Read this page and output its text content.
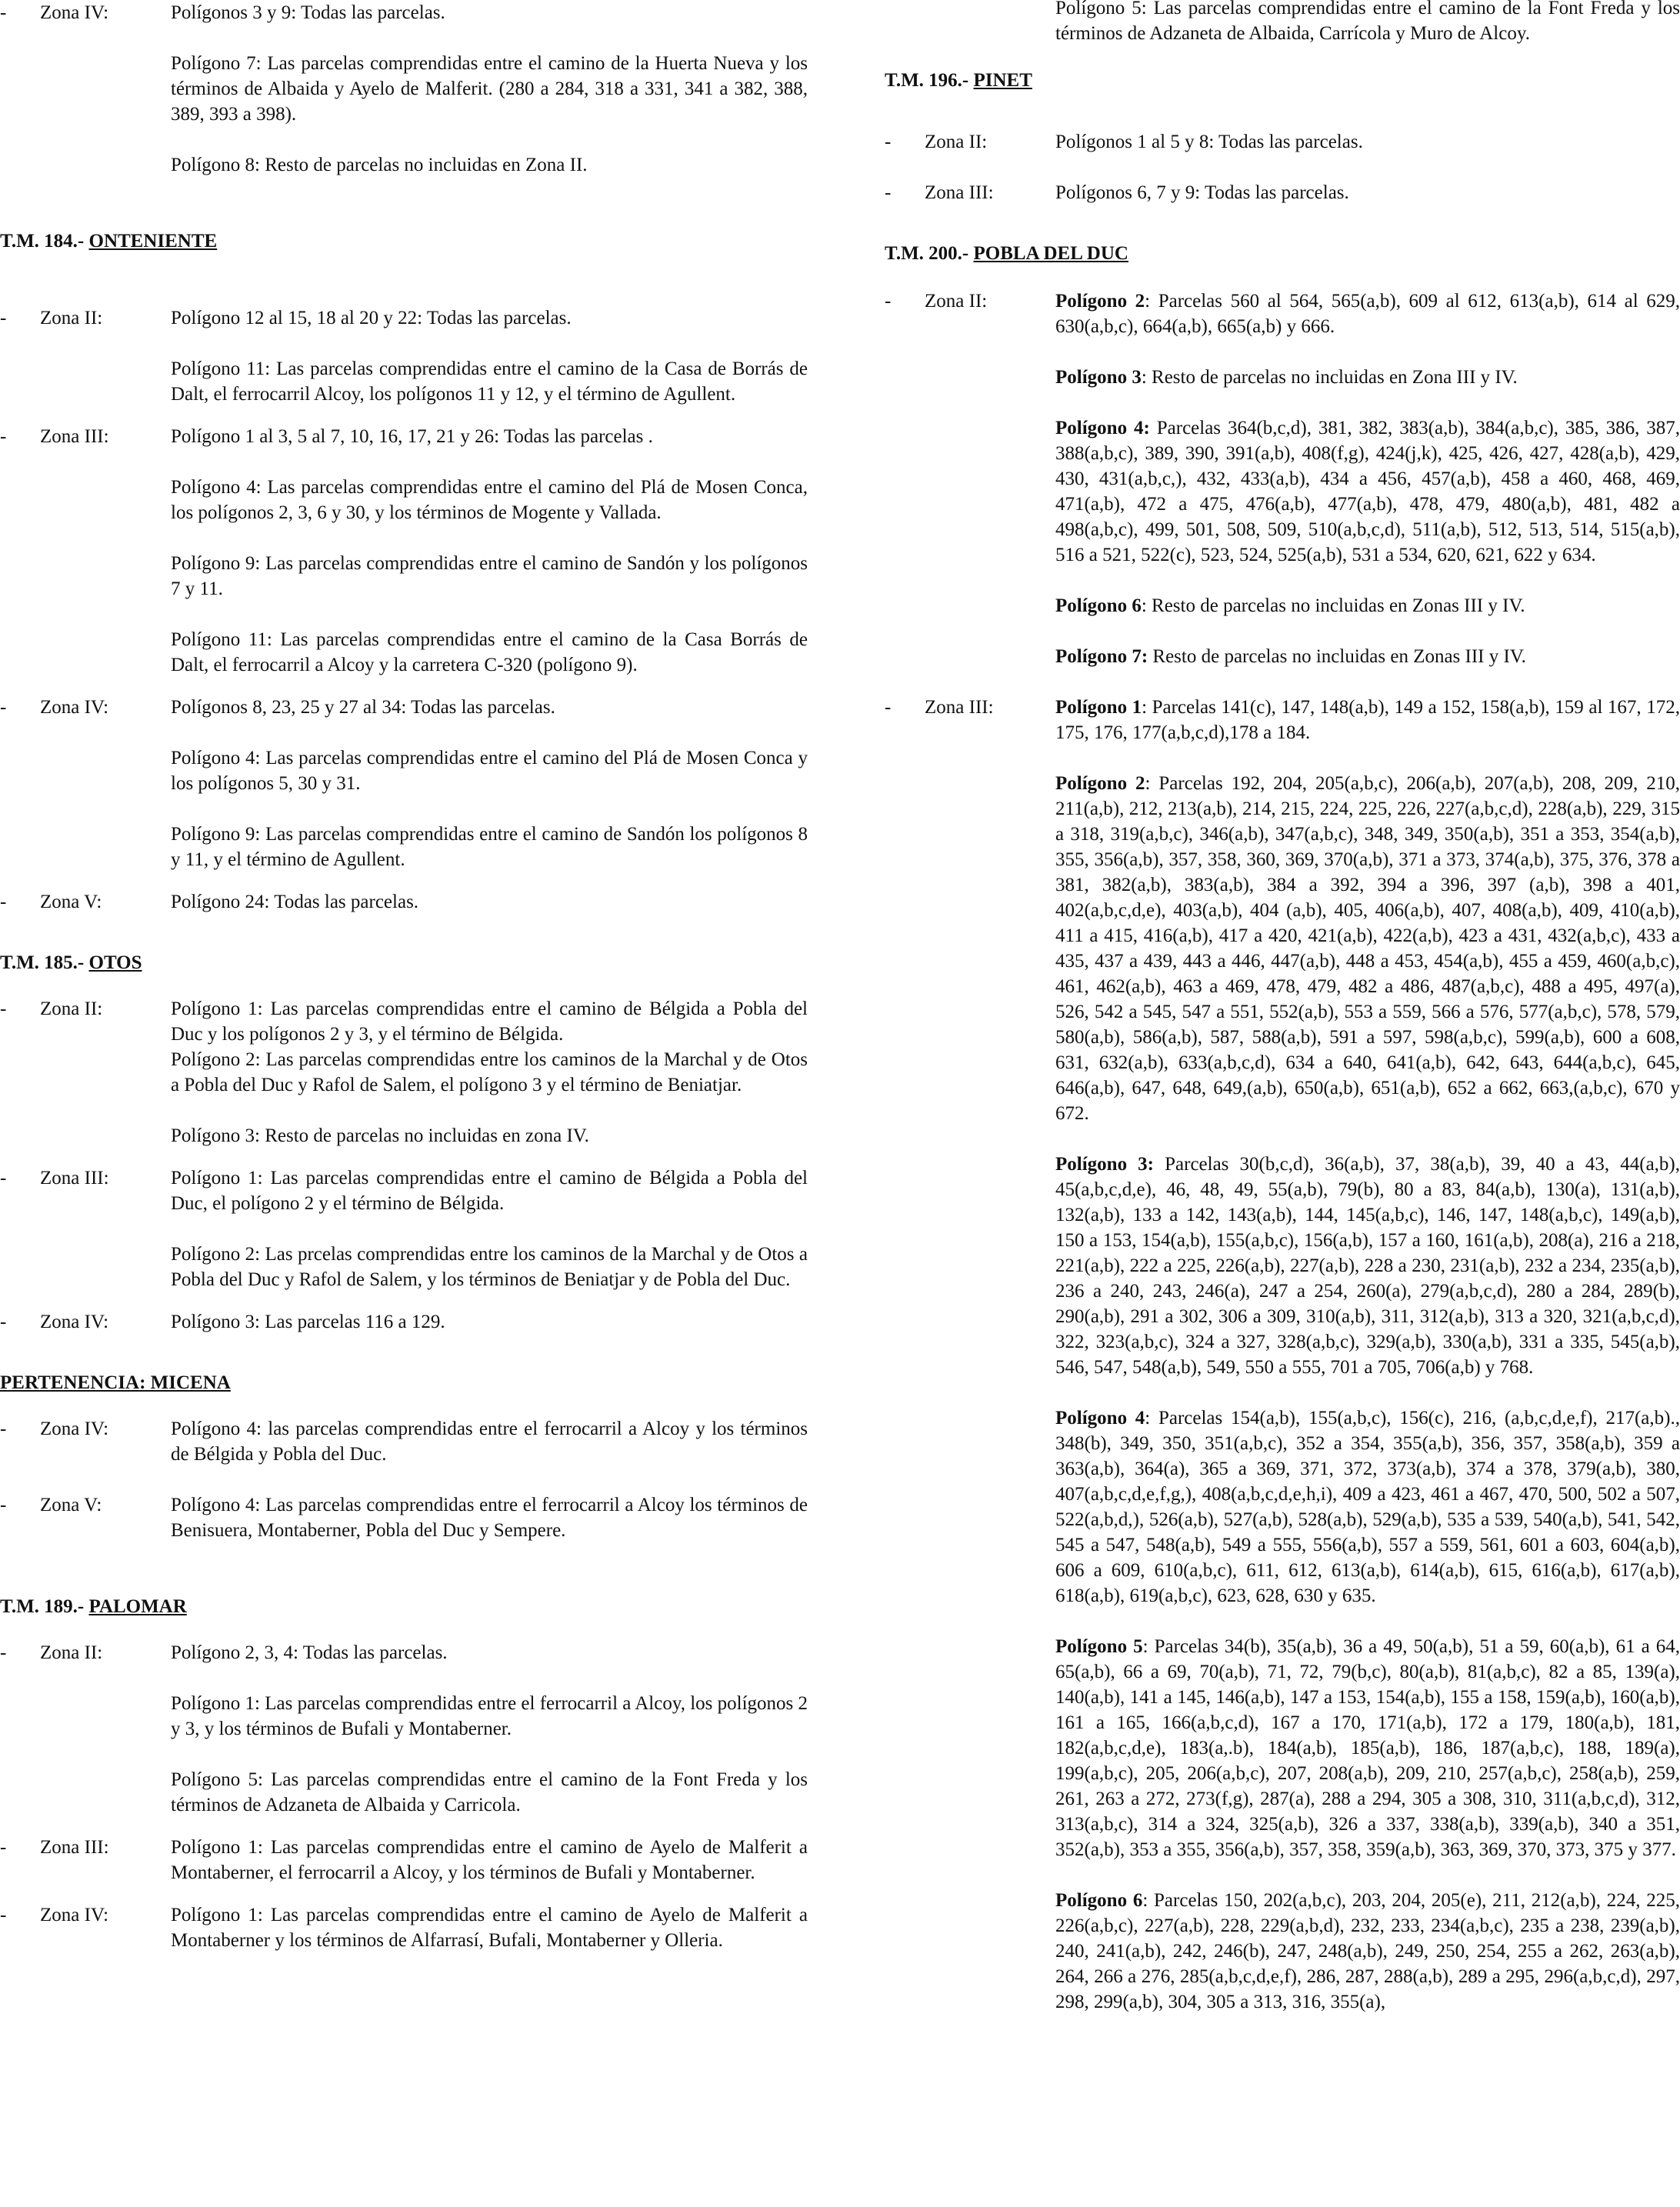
- Zona IV:	Polígonos 3 y 9: Todas las parcelas.
Polígono 7: Las parcelas comprendidas entre el camino de la Huerta Nueva y los términos de Albaida y Ayelo de Malferit. (280 a 284, 318 a 331, 341 a 382, 388, 389, 393 a 398).
Polígono 8: Resto de parcelas no incluidas en Zona II.
T.M. 184.- ONTENIENTE
- Zona II:	Polígono 12 al 15, 18 al 20 y 22: Todas las parcelas.
Polígono 11: Las parcelas comprendidas entre el camino de la Casa de Borrás de Dalt, el ferrocarril Alcoy, los polígonos 11 y 12, y el término de Agullent.
- Zona III:	Polígono 1 al 3, 5 al 7, 10, 16, 17, 21 y 26: Todas las parcelas .
Polígono 4: Las parcelas comprendidas entre el camino del Plá de Mosen Conca, los polígonos 2, 3, 6 y 30, y los términos de Mogente y Vallada.
Polígono 9: Las parcelas comprendidas entre el camino de Sandón y los polígonos 7 y 11.
Polígono 11: Las parcelas comprendidas entre el camino de la Casa Borrás de Dalt, el ferrocarril a Alcoy y la carretera C-320 (polígono 9).
- Zona IV:	Polígonos 8, 23, 25 y 27 al 34: Todas las parcelas.
Polígono 4: Las parcelas comprendidas entre el camino del Plá de Mosen Conca y los polígonos 5, 30 y 31.
Polígono 9: Las parcelas comprendidas entre el camino de Sandón los polígonos 8 y 11, y el término de Agullent.
- Zona V:	Polígono 24: Todas las parcelas.
T.M. 185.- OTOS
- Zona II:	Polígono 1: Las parcelas comprendidas entre el camino de Bélgida a Pobla del Duc y los polígonos 2 y 3, y el término de Bélgida.
Polígono 2: Las parcelas comprendidas entre los caminos de la Marchal y de Otos a Pobla del Duc y Rafol de Salem, el polígono 3 y el término de Beniatjar.
Polígono 3: Resto de parcelas no incluidas en zona IV.
- Zona III:	Polígono 1: Las parcelas comprendidas entre el camino de Bélgida a Pobla del Duc, el polígono 2 y el término de Bélgida.
Polígono 2: Las prcelas comprendidas entre los caminos de la Marchal y de Otos a Pobla del Duc y Rafol de Salem, y los términos de Beniatjar y de Pobla del Duc.
- Zona IV:	Polígono 3: Las parcelas 116 a 129.
PERTENENCIA: MICENA
- Zona IV:	Polígono 4: las parcelas comprendidas entre el ferrocarril a Alcoy y los términos de Bélgida y Pobla del Duc.
- Zona V:	Polígono 4: Las parcelas comprendidas entre el ferrocarril a Alcoy los términos de Benisuera, Montaberner, Pobla del Duc y Sempere.
T.M. 189.- PALOMAR
- Zona II:	Polígono 2, 3, 4: Todas las parcelas.
Polígono 1: Las parcelas comprendidas entre el ferrocarril a Alcoy, los polígonos 2 y 3, y los términos de Bufali y Montaberner.
Polígono 5: Las parcelas comprendidas entre el camino de la Font Freda y los términos de Adzaneta de Albaida y Carricola.
- Zona III:	Polígono 1: Las parcelas comprendidas entre el camino de Ayelo de Malferit a Montaberner, el ferrocarril a Alcoy, y los términos de Bufali y Montaberner.
- Zona IV:	Polígono 1: Las parcelas comprendidas entre el camino de Ayelo de Malferit a Montaberner y los términos de Alfarrasí, Bufali, Montaberner y Olleria.
Polígono 5: Las parcelas comprendidas entre el camino de la Font Freda y los términos de Adzaneta de Albaida, Carrícola y Muro de Alcoy.
T.M. 196.- PINET
- Zona II:	Polígonos 1 al 5 y 8: Todas las parcelas.
- Zona III:	Polígonos 6, 7 y 9: Todas las parcelas.
T.M. 200.- POBLA DEL DUC
- Zona II:	Polígono 2: Parcelas 560 al 564, 565(a,b), 609 al 612, 613(a,b), 614 al 629, 630(a,b,c), 664(a,b), 665(a,b) y 666.
Polígono 3: Resto de parcelas no incluidas en Zona III y IV.
Polígono 4: Parcelas 364(b,c,d), 381, 382, 383(a,b), 384(a,b,c), 385, 386, 387, 388(a,b,c), 389, 390, 391(a,b), 408(f,g), 424(j,k), 425, 426, 427, 428(a,b), 429, 430, 431(a,b,c,), 432, 433(a,b), 434 a 456, 457(a,b), 458 a 460, 468, 469, 471(a,b), 472 a 475, 476(a,b), 477(a,b), 478, 479, 480(a,b), 481, 482 a 498(a,b,c), 499, 501, 508, 509, 510(a,b,c,d), 511(a,b), 512, 513, 514, 515(a,b), 516 a 521, 522(c), 523, 524, 525(a,b), 531 a 534, 620, 621, 622 y 634.
Polígono 6: Resto de parcelas no incluidas en Zonas III y IV.
Polígono 7: Resto de parcelas no incluidas en Zonas III y IV.
- Zona III:	Polígono 1: Parcelas 141(c), 147, 148(a,b), 149 a 152, 158(a,b), 159 al 167, 172, 175, 176, 177(a,b,c,d),178 a 184.
Polígono 2: Parcelas 192, 204, 205(a,b,c), 206(a,b), 207(a,b), 208, 209, 210, 211(a,b), 212, 213(a,b), 214, 215, 224, 225, 226, 227(a,b,c,d), 228(a,b), 229, 315 a 318, 319(a,b,c), 346(a,b), 347(a,b,c), 348, 349, 350(a,b), 351 a 353, 354(a,b), 355, 356(a,b), 357, 358, 360, 369, 370(a,b), 371 a 373, 374(a,b), 375, 376, 378 a 381, 382(a,b), 383(a,b), 384 a 392, 394 a 396, 397 (a,b), 398 a 401, 402(a,b,c,d,e), 403(a,b), 404 (a,b), 405, 406(a,b), 407, 408(a,b), 409, 410(a,b), 411 a 415, 416(a,b), 417 a 420, 421(a,b), 422(a,b), 423 a 431, 432(a,b,c), 433 a 435, 437 a 439, 443 a 446, 447(a,b), 448 a 453, 454(a,b), 455 a 459, 460(a,b,c), 461, 462(a,b), 463 a 469, 478, 479, 482 a 486, 487(a,b,c), 488 a 495, 497(a), 526, 542 a 545, 547 a 551, 552(a,b), 553 a 559, 566 a 576, 577(a,b,c), 578, 579, 580(a,b), 586(a,b), 587, 588(a,b), 591 a 597, 598(a,b,c), 599(a,b), 600 a 608, 631, 632(a,b), 633(a,b,c,d), 634 a 640, 641(a,b), 642, 643, 644(a,b,c), 645, 646(a,b), 647, 648, 649,(a,b), 650(a,b), 651(a,b), 652 a 662, 663,(a,b,c), 670 y 672.
Polígono 3: Parcelas 30(b,c,d), 36(a,b), 37, 38(a,b), 39, 40 a 43, 44(a,b), 45(a,b,c,d,e), 46, 48, 49, 55(a,b), 79(b), 80 a 83, 84(a,b), 130(a), 131(a,b), 132(a,b), 133 a 142, 143(a,b), 144, 145(a,b,c), 146, 147, 148(a,b,c), 149(a,b), 150 a 153, 154(a,b), 155(a,b,c), 156(a,b), 157 a 160, 161(a,b), 208(a), 216 a 218, 221(a,b), 222 a 225, 226(a,b), 227(a,b), 228 a 230, 231(a,b), 232 a 234, 235(a,b), 236 a 240, 243, 246(a), 247 a 254, 260(a), 279(a,b,c,d), 280 a 284, 289(b), 290(a,b), 291 a 302, 306 a 309, 310(a,b), 311, 312(a,b), 313 a 320, 321(a,b,c,d), 322, 323(a,b,c), 324 a 327, 328(a,b,c), 329(a,b), 330(a,b), 331 a 335, 545(a,b), 546, 547, 548(a,b), 549, 550 a 555, 701 a 705, 706(a,b) y 768.
Polígono 4: Parcelas 154(a,b), 155(a,b,c), 156(c), 216, (a,b,c,d,e,f), 217(a,b)., 348(b), 349, 350, 351(a,b,c), 352 a 354, 355(a,b), 356, 357, 358(a,b), 359 a 363(a,b), 364(a), 365 a 369, 371, 372, 373(a,b), 374 a 378, 379(a,b), 380, 407(a,b,c,d,e,f,g,), 408(a,b,c,d,e,h,i), 409 a 423, 461 a 467, 470, 500, 502 a 507, 522(a,b,d,), 526(a,b), 527(a,b), 528(a,b), 529(a,b), 535 a 539, 540(a,b), 541, 542, 545 a 547, 548(a,b), 549 a 555, 556(a,b), 557 a 559, 561, 601 a 603, 604(a,b), 606 a 609, 610(a,b,c), 611, 612, 613(a,b), 614(a,b), 615, 616(a,b), 617(a,b), 618(a,b), 619(a,b,c), 623, 628, 630 y 635.
Polígono 5: Parcelas 34(b), 35(a,b), 36 a 49, 50(a,b), 51 a 59, 60(a,b), 61 a 64, 65(a,b), 66 a 69, 70(a,b), 71, 72, 79(b,c), 80(a,b), 81(a,b,c), 82 a 85, 139(a), 140(a,b), 141 a 145, 146(a,b), 147 a 153, 154(a,b), 155 a 158, 159(a,b), 160(a,b), 161 a 165, 166(a,b,c,d), 167 a 170, 171(a,b), 172 a 179, 180(a,b), 181, 182(a,b,c,d,e), 183(a,.b), 184(a,b), 185(a,b), 186, 187(a,b,c), 188, 189(a), 199(a,b,c), 205, 206(a,b,c), 207, 208(a,b), 209, 210, 257(a,b,c), 258(a,b), 259, 261, 263 a 272, 273(f,g), 287(a), 288 a 294, 305 a 308, 310, 311(a,b,c,d), 312, 313(a,b,c), 314 a 324, 325(a,b), 326 a 337, 338(a,b), 339(a,b), 340 a 351, 352(a,b), 353 a 355, 356(a,b), 357, 358, 359(a,b), 363, 369, 370, 373, 375 y 377.
Polígono 6: Parcelas 150, 202(a,b,c), 203, 204, 205(e), 211, 212(a,b), 224, 225, 226(a,b,c), 227(a,b), 228, 229(a,b,d), 232, 233, 234(a,b,c), 235 a 238, 239(a,b), 240, 241(a,b), 242, 246(b), 247, 248(a,b), 249, 250, 254, 255 a 262, 263(a,b), 264, 266 a 276, 285(a,b,c,d,e,f), 286, 287, 288(a,b), 289 a 295, 296(a,b,c,d), 297, 298, 299(a,b), 304, 305 a 313, 316, 355(a),
